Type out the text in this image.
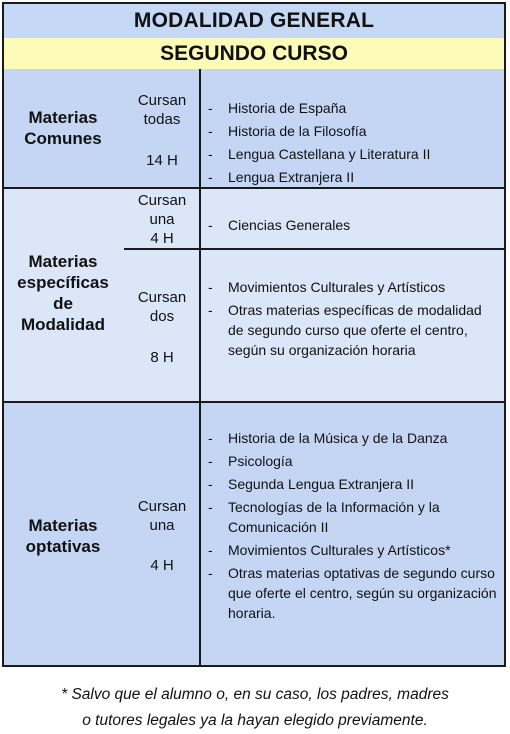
MODALIDAD GENERAL
SEGUNDO CURSO
Materias
Comunes
Cursan
todas
14 H
- Historia de España
- Historia de la Filosofía
- Lengua Castellana y Literatura II
- Lengua Extranjera II
Materias
específicas
de
Modalidad
Cursan
una
4 H
- Ciencias Generales
Cursan
dos
8 H
- Movimientos Culturales y Artísticos
- Otras materias específicas de modalidad de segundo curso que oferte el centro, según su organización horaria
Materias
optativas
Cursan
una
4 H
- Historia de la Música y de la Danza
- Psicología
- Segunda Lengua Extranjera II
- Tecnologías de la Información y la Comunicación II
- Movimientos Culturales y Artísticos*
- Otras materias optativas de segundo curso que oferte el centro, según su organización horaria.
* Salvo que el alumno o, en su caso, los padres, madres
o tutores legales ya la hayan elegido previamente.
